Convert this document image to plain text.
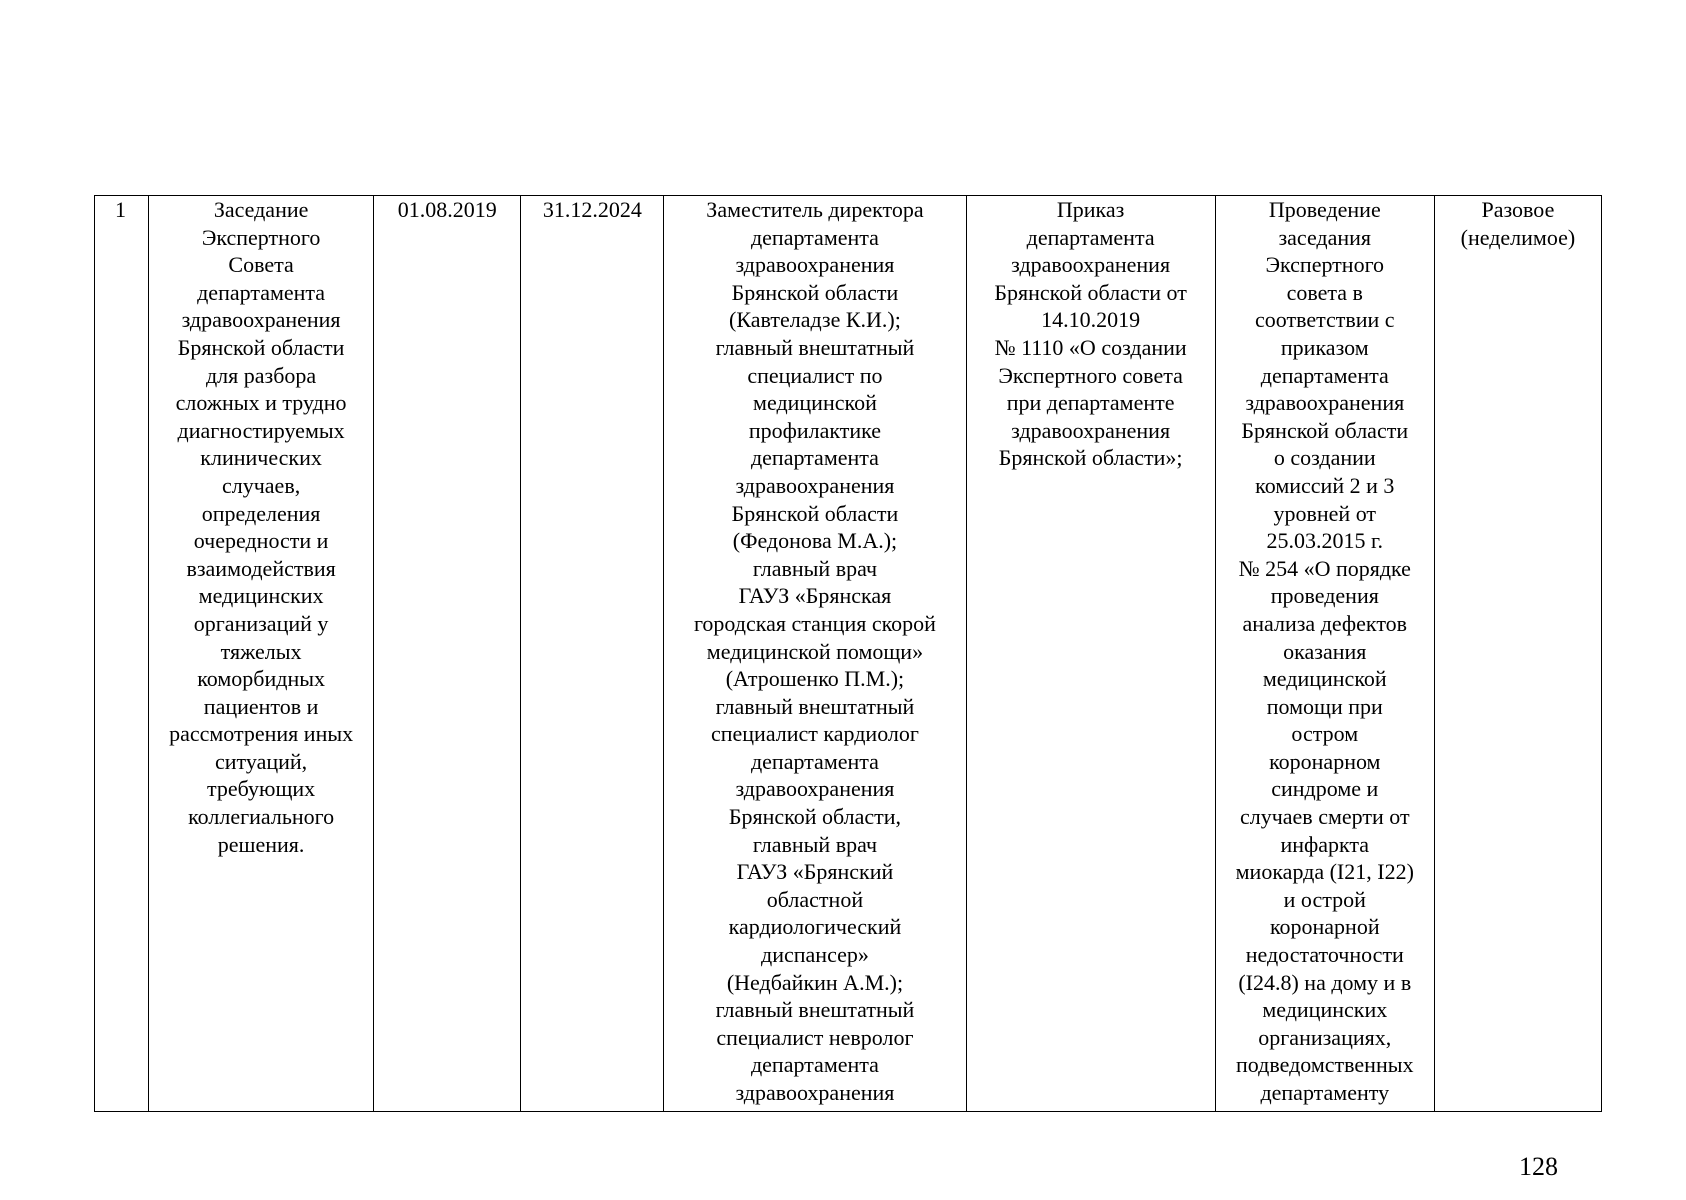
1	Заседание
Экспертного
Совета
департамента
здравоохранения
Брянской области
для разбора
сложных и трудно
диагностируемых
клинических
случаев,
определения
очередности и
взаимодействия
медицинских
организаций у
тяжелых
коморбидных
пациентов и
рассмотрения иных
ситуаций,
требующих
коллегиального
решения.	01.08.2019	31.12.2024	Заместитель директора
департамента
здравоохранения
Брянской области
(Кавтеладзе К.И.);
главный внештатный
специалист по
медицинской
профилактике
департамента
здравоохранения
Брянской области
(Федонова М.А.);
главный врач
ГАУЗ «Брянская
городская станция скорой
медицинской помощи»
(Атрошенко П.М.);
главный внештатный
специалист кардиолог
департамента
здравоохранения
Брянской области,
главный врач
ГАУЗ «Брянский
областной
кардиологический
диспансер»
(Недбайкин А.М.);
главный внештатный
специалист невролог
департамента
здравоохранения	Приказ
департамента
здравоохранения
Брянской области от
14.10.2019
№ 1110 «О создании
Экспертного совета
при департаменте
здравоохранения
Брянской области»;	Проведение
заседания
Экспертного
совета в
соответствии с
приказом
департамента
здравоохранения
Брянской области
о создании
комиссий 2 и 3
уровней от
25.03.2015 г.
№ 254 «О порядке
проведения
анализа дефектов
оказания
медицинской
помощи при
остром
коронарном
синдроме и
случаев смерти от
инфаркта
миокарда (I21, I22)
и острой
коронарной
недостаточности
(I24.8) на дому и в
медицинских
организациях,
подведомственных
департаменту	Разовое
(неделимое)
128
